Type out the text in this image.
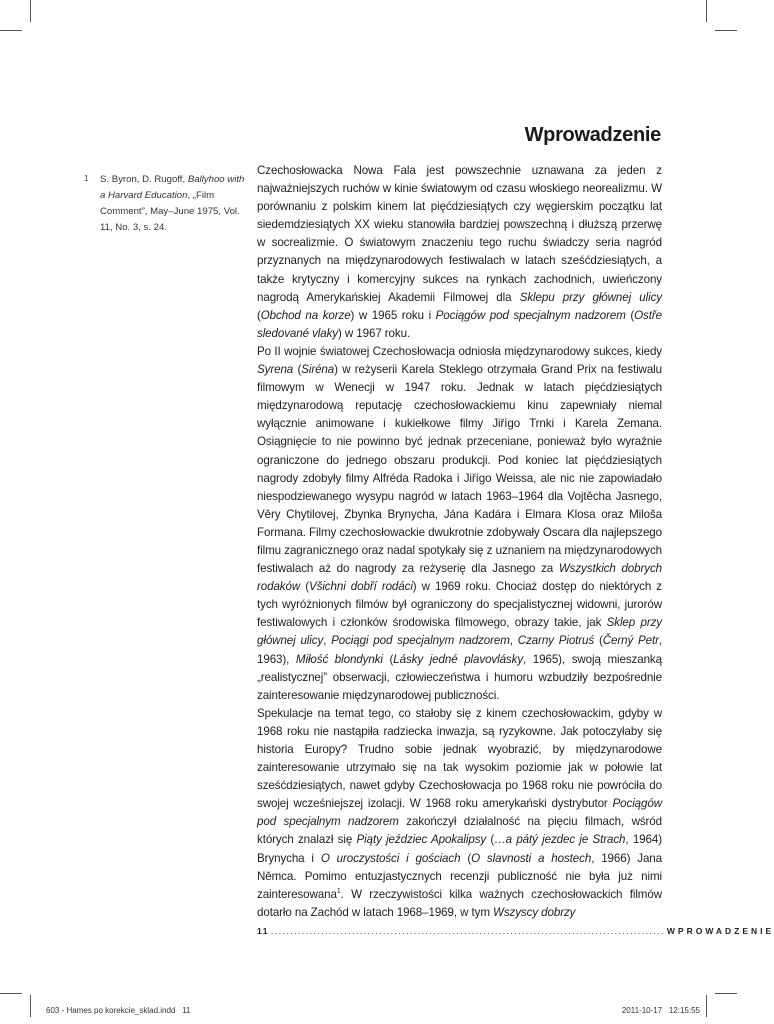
Wprowadzenie
1 S. Byron, D. Rugoff, Ballyhoo with a Harvard Education, „Film Comment”, May–June 1975, Vol. 11, No. 3, s. 24.

Czechosłowacka Nowa Fala jest powszechnie uznawana za jeden z najważniejszych ruchów w kinie światowym od czasu włoskiego neorealizmu. W porównaniu z polskim kinem lat pięćdziesiątych czy węgierskim początku lat siedemdziesiątych XX wieku stanowiła bardziej powszechną i dłuższą przerwę w socrealizmie. O światowym znaczeniu tego ruchu świadczy seria nagród przyznanych na międzynarodowych festiwalach w latach sześćdziesiątych, a także krytyczny i komercyjny sukces na rynkach zachodnich, uwieńczony nagrodą Amerykańskiej Akademii Filmowej dla Sklepu przy głównej ulicy (Obchod na korze) w 1965 roku i Pociągów pod specjalnym nadzorem (Ostře sledované vlaky) w 1967 roku.

Po II wojnie światowej Czechosłowacja odniosła międzynarodowy sukces, kiedy Syrena (Siréna) w reżyserii Karela Steklego otrzymała Grand Prix na festiwalu filmowym w Wenecji w 1947 roku. Jednak w latach pięćdziesiątych międzynarodową reputację czechosłowackiemu kinu zapewniały niemal wyłącznie animowane i kukiełkowe filmy Jiřígo Trnki i Karela Zemana. Osiągnięcie to nie powinno być jednak przeceniane, ponieważ było wyraźnie ograniczone do jednego obszaru produkcji. Pod koniec lat pięćdziesiątych nagrody zdobyły filmy Alfréda Radoka i Jiřígo Weissa, ale nic nie zapowiadało niespodziewanego wysypu nagród w latach 1963–1964 dla Vojtěcha Jasnego, Věry Chytilovej, Zbynka Brynycha, Jána Kadára i Elmara Klosa oraz Miloša Formana. Filmy czechosłowackie dwukrotnie zdobywały Oscara dla najlepszego filmu zagranicznego oraz nadal spotykały się z uznaniem na międzynarodowych festiwalach aż do nagrody za reżyserię dla Jasnego za Wszystkich dobrych rodaków (Všichni dobří rodáci) w 1969 roku. Chociaż dostęp do niektórych z tych wyróżnionych filmów był ograniczony do specjalistycznej widowni, jurorów festiwalowych i członków środowiska filmowego, obrazy takie, jak Sklep przy głównej ulicy, Pociągi pod specjalnym nadzorem, Czarny Piotruś (Černý Petr, 1963), Miłość blondynki (Lásky jedné plavovlásky, 1965), swoją mieszanką „realistycznej” obserwacji, człowieczeństwa i humoru wzbudziły bezpośrednie zainteresowanie międzynarodowej publiczności.

Spekulacje na temat tego, co stałoby się z kinem czechosłowackim, gdyby w 1968 roku nie nastąpiła radziecka inwazja, są ryzykowne. Jak potoczyłaby się historia Europy? Trudno sobie jednak wyobrazić, by międzynarodowe zainteresowanie utrzymało się na tak wysokim poziomie jak w połowie lat sześćdziesiątych, nawet gdyby Czechosłowacja po 1968 roku nie powróciła do swojej wcześniejszej izolacji. W 1968 roku amerykański dystrybutor Pociągów pod specjalnym nadzorem zakończył działalność na pięciu filmach, wśród których znalazł się Piąty jeździec Apokalipsy (…a pátý jezdec je Strach, 1964) Brynycha i O uroczystości i gościach (O slavnosti a hostech, 1966) Jana Němca. Pomimo entuzjastycznych recenzji publiczność nie była już nimi zainteresowana$^1$. W rzeczywistości kilka ważnych czechosłowackich filmów dotarło na Zachód w latach 1968–1969, w tym Wszyscy dobrzy

11 ...................................................................................................... WPROWADZENIE
603 - Hames po korekcie_sklad.indd   11	2011-10-17   12:15:55
